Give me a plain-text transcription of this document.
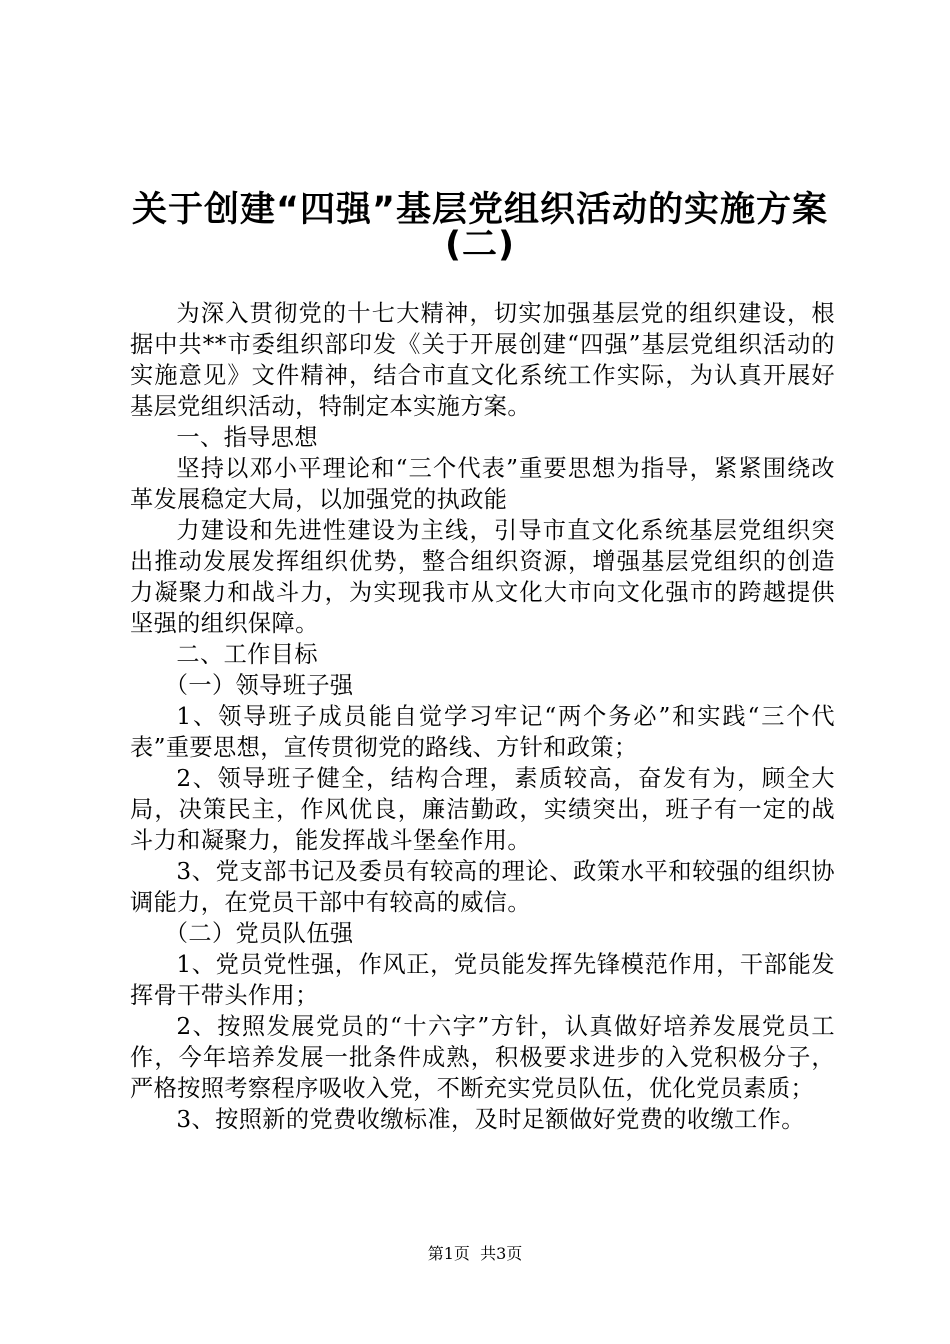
关于创建“四强”基层党组织活动的实施方案
(二)

为深入贯彻党的十七大精神，切实加强基层党的组织建设，根据中共**市委组织部印发《关于开展创建“四强”基层党组织活动的实施意见》文件精神，结合市直文化系统工作实际，为认真开展好基层党组织活动，特制定本实施方案。

一、指导思想

坚持以邓小平理论和“三个代表”重要思想为指导，紧紧围绕改革发展稳定大局，以加强党的执政能

力建设和先进性建设为主线，引导市直文化系统基层党组织突出推动发展发挥组织优势，整合组织资源，增强基层党组织的创造力凝聚力和战斗力，为实现我市从文化大市向文化强市的跨越提供坚强的组织保障。

二、工作目标

（一）领导班子强

1、领导班子成员能自觉学习牢记“两个务必”和实践“三个代表”重要思想，宣传贯彻党的路线、方针和政策；

2、领导班子健全，结构合理，素质较高，奋发有为，顾全大局，决策民主，作风优良，廉洁勤政，实绩突出，班子有一定的战斗力和凝聚力，能发挥战斗堡垒作用。

3、党支部书记及委员有较高的理论、政策水平和较强的组织协调能力，在党员干部中有较高的威信。

（二）党员队伍强

1、党员党性强，作风正，党员能发挥先锋模范作用，干部能发挥骨干带头作用；

2、按照发展党员的“十六字”方针，认真做好培养发展党员工作，今年培养发展一批条件成熟，积极要求进步的入党积极分子，严格按照考察程序吸收入党，不断充实党员队伍，优化党员素质；

3、按照新的党费收缴标准，及时足额做好党费的收缴工作。

第1页  共3页
